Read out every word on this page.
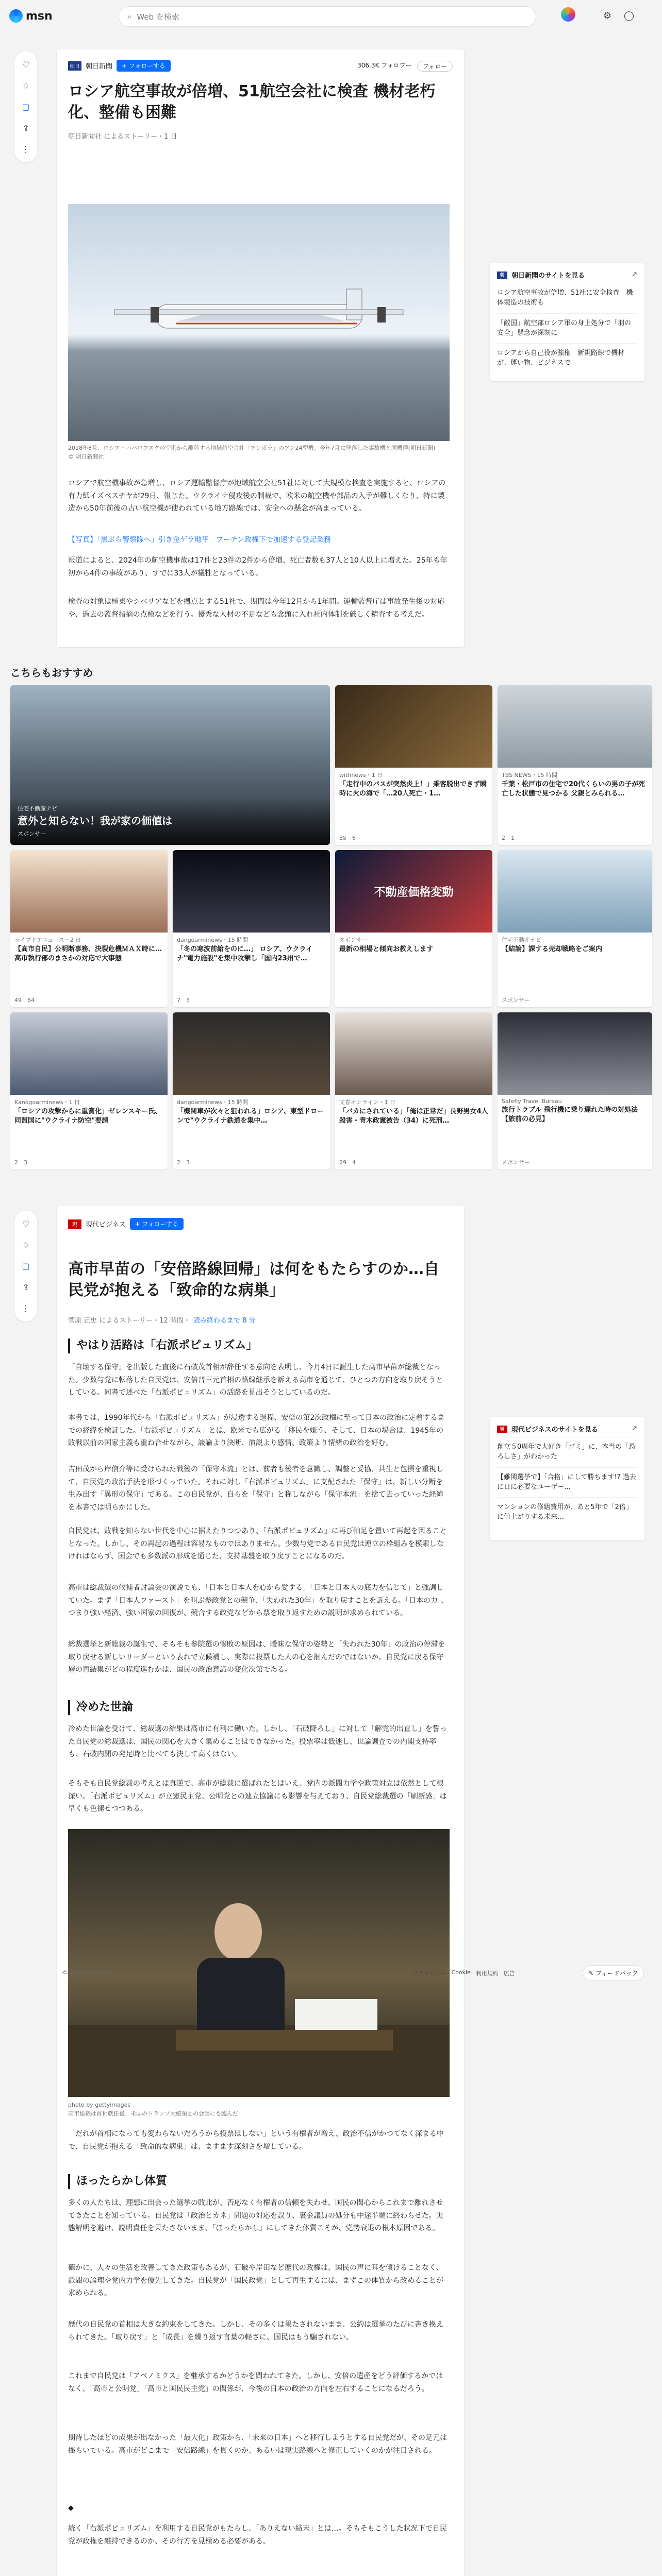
msn	⌕ Web を検索	⚙ ◯
♡
♢
▢
⇪
⋮
朝日 朝日新聞	+ フォローする	306.3K フォロワー	フォロー
ロシア航空事故が倍増、51航空会社に検査 機材老朽化、整備も困難
朝日新聞社 によるストーリー・1 日
2018年8月、ロシア・ハバロフスクの空港から離陸する地域航空会社「アンガラ」のアン24型機。今年7月に墜落した事故機と同機種(朝日新聞)
© 朝日新聞社
ロシアで航空機事故が急増し、ロシア運輸監督庁が地域航空会社51社に対して大規模な検査を実施すると、ロシアの有力紙イズベスチヤが29日、報じた。ウクライナ侵攻後の制裁で、欧米の航空機や部品の入手が難しくなり、特に製造から50年前後の古い航空機が使われている地方路線では、安全への懸念が高まっている。
【写真】「黒ぶら警察隊へ」引き金ゲラ地平　プーチン政権下で加速する登記業務
報道によると、2024年の航空機事故は17件と23件の2件から倍増、死亡者数も37人と10人以上に増えた。25年も年初から4件の事故があり、すでに33人が犠牲となっている。
検査の対象は極東やシベリアなどを拠点とする51社で、期間は今年12月から1年間。運輸監督庁は事故発生後の対応や、過去の監督指摘の点検などを行う。優秀な人材の不足なども念頭に入れ社内体制を厳しく精査する考えだ。
朝	朝日新聞のサイトを見る	↗
ロシア航空事故が倍増、51社に安全検査　機体製造の技術も
「敵国」航空部ロシア軍の身上処分で「羽の安全」懸念が深刻に
ロシアから自己役が強権　新規路線で機材が、運い物、ビジネスで
こちらもおすすめ
住宅不動産ナビ
意外と知らない！我が家の価値は
スポンサー
withnews・1 日
「走行中のバスが突然炎上！」乗客脱出できず瞬時に火の海で「…20人死亡・1…
35　6
TBS NEWS・15 時間
千葉・松戸市の住宅で20代くらいの男の子が死亡した状態で見つかる 父親とみられる…
2　1
ライブドアニュース・2 日
【高市自民】公明断事務、決裂危機ＭＡＸ時に…高市執行部のまさかの対応で大事態
49　64
dangoarminews・15 時間
「冬の寒波前給をのに…」 ロシア、ウクライナ"電力施設"を集中攻撃し「国内23州で…
7　3
不動産価格変動
スポンサー
最新の相場と傾向お教えします
住宅不動産ナビ
【結論】課する売却戦略をご案内
スポンサー
Kanogoarminews・1 日
「ロシアの攻撃からに重賞化」ゼレンスキー氏、同盟国に"ウクライナ防空"要請
2　3
dangoarminews・15 時間
「機関車が次々と狙われる」ロシア、東型ドローンで"ウクライナ鉄道を集中…
2　3
文春オンライン・1 日
「バカにされている」「俺は正常だ」長野男女4人殺害・青木政憲被告（34）に死刑…
29　4
Safefly Travel Bureau
旅行トラブル 飛行機に乗り遅れた時の対処法【旅前の必見】
スポンサー
♡
♢
▢
⇪
⋮
現	現代ビジネス	+ フォローする
高市早苗の「安倍路線回帰」は何をもたらすのか…自民党が抱える「致命的な病巣」
菅原 正史 によるストーリー・12 時間・ 読み終わるまで 8 分
やはり活路は「右派ポピュリズム」
「自壊する保守」を出版した直後に石破茂首相が辞任する意向を表明し、今月4日に誕生した高市早苗が総裁となった。少数与党に転落した自民党は、安倍晋三元首相の路線継承を訴える高市を通じて、ひとつの方向を取り戻そうとしている。同書で述べた「右派ポピュリズム」の活路を見出そうとしているのだ。
本書では、1990年代から「右派ポピュリズム」が浸透する過程、安倍の第2次政権に至って日本の政治に定着するまでの経緯を検証した。「右派ポピュリズム」とは、欧米でも広がる「移民を嫌う、そして、日本の場合は、1945年の敗戦以前の国家主義も重ね合せながら、談論より決断、演説より感情、政策より情緒の政治を好む。
吉田茂から岸信介等に受けられた戦後の「保守本流」とは、前者も後者を意識し、調整と妥協、共生と包摂を重視して、自民党の政治手法を形づくっていた。それに対し「右派ポピュリズム」に支配された「保守」は、新しい分断を生み出す「異形の保守」である。この自民党が、自らを「保守」と称しながら「保守本流」を捨て去っていった経緯を本書では明らかにした。
自民党は、敗戦を知らない世代を中心に据えたりつつあり、「右派ポピュリズム」に再び軸足を置いて再起を図ることとなった。しかし、その再起の過程は容易なものではありません。少数与党である自民党は連立の枠組みを模索しなければならず、国会でも多数派の形成を通じた、支持基盤を取り戻すことになるのだ。
高市は総裁選の候補者討論会の演説でも、「日本と日本人を心から愛する」「日本と日本人の底力を信じて」と強調していた。まず「日本人ファースト」を叫ぶ参政党との競争、「失われた30年」を取り戻すことを訴える。「日本の力」、つまり強い経済、強い国家の回復が、競合する政党などから票を取り返すための説明が求められている。
総裁選挙と新総裁の誕生で、そもそも参院選の惨敗の原因は、曖昧な保守の姿勢と「失われた30年」の政治の停滞を取り戻せる新しいリーダーという表れで立候補し、実際に投票した人の心を掴んだのではないか。自民党に戻る保守層の再結集がどの程度進むかは、国民の政治意識の変化次第である。
冷めた世論
冷めた世論を受けて、総裁選の結果は高市に有利に働いた。しかし、「石破降ろし」に対して「解党的出直し」を誓った自民党の総裁選は、国民の関心を大きく集めることはできなかった。投票率は低迷し、世論調査での内閣支持率も、石破内閣の発足時と比べても決して高くはない。
そもそも自民党総裁の考えとは真逆で、高市が総裁に選ばれたとはいえ、党内の派閥力学や政策対立は依然として根深い。「右派ポピュリズム」が立憲民主党、公明党との連立協議にも影響を与えており、自民党総裁選の「刷新感」は早くも色褪せつつある。
photo by gettyimages
高市総裁は首相就任後、米国のトランプ大統領との会談にも臨んだ
「だれが首相になっても変わらないだろうから投票はしない」という有権者が増え、政治不信がかつてなく深まる中で、自民党が抱える「致命的な病巣」は、ますます深刻さを増している。
ほったらかし体質
多くの人たちは、理想に出会った選挙の敗北が、否応なく有権者の信頼を失わせ、国民の関心からこれまで離れさせてきたことを知っている。自民党は「政治とカネ」問題の対応を誤り、裏金議員の処分も中途半端に終わらせた。実態解明を避け、説明責任を果たさないまま、「ほったらかし」にしてきた体質こそが、党勢衰退の根本原因である。
確かに、人々の生活を改善してきた政策もあるが、石破や岸田など歴代の政権は、国民の声に耳を傾けることなく、派閥の論理や党内力学を優先してきた。自民党が「国民政党」として再生するには、まずこの体質から改めることが求められる。
歴代の自民党の首相は大きな約束をしてきた。しかし、その多くは果たされないまま、公約は選挙のたびに書き換えられてきた。「取り戻す」と「成長」を繰り返す言葉の軽さに、国民はもう騙されない。
これまで自民党は「アベノミクス」を継承するかどうかを問われてきた。しかし、安倍の遺産をどう評価するかではなく、「高市と公明党」「高市と国民民主党」の関係が、今後の日本の政治の方向を左右することになるだろう。
期待したほどの成果が出なかった「最大化」政策から、「未来の日本」へと移行しようとする自民党だが、その足元は揺らいでいる。高市がどこまで「安倍路線」を貫くのか、あるいは現実路線へと修正していくのかが注目される。
◆
続く「右派ポピュリズム」を利用する自民党がもたらし、「ありえない結末」とは…。そもそもこうした状況下で自民党が政権を維持できるのか、その行方を見極める必要がある。
現	現代ビジネスのサイトを見る	↗
創立５0周年で大好き「ゴミ」に、本当の「恐ろしさ」がわかった
【難関選挙で】「合格」にして勝ちます!? 過去に日に必要なユーザー…
マンションの修繕費用が、あと5年で「2倍」に値上がりする未来…
© 2025 Microsoft	プライバシー Cookie 利用規約 広告	✎ フィードバック
